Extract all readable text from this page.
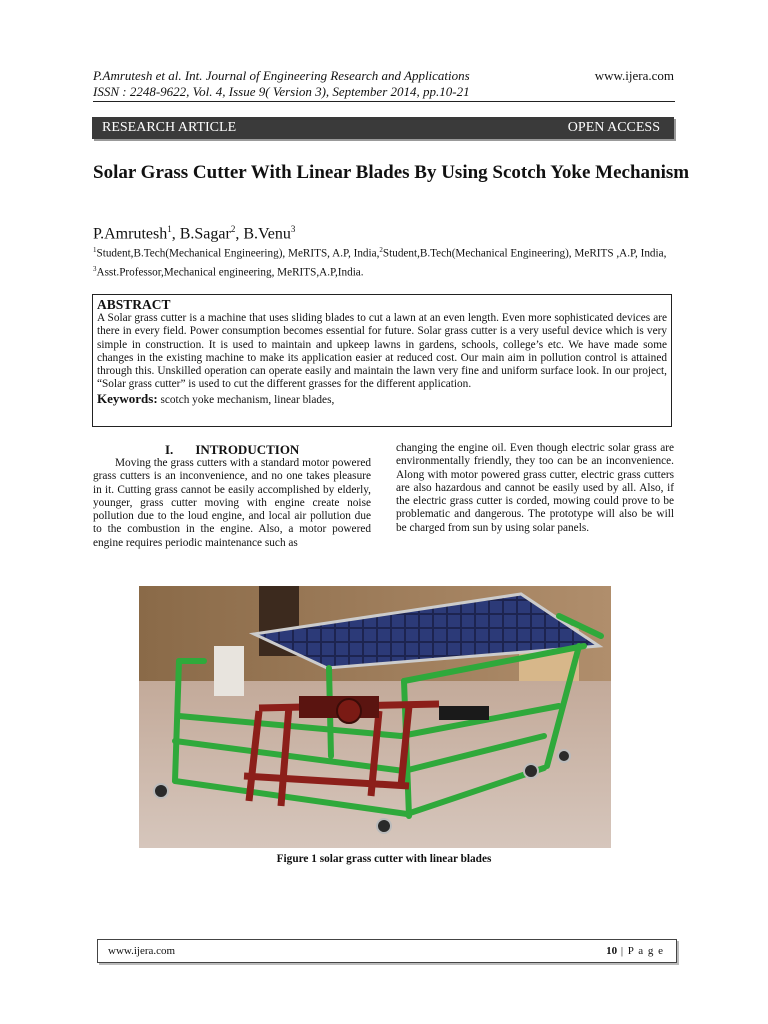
P.Amrutesh et al. Int. Journal of Engineering Research and Applications
ISSN : 2248-9622, Vol. 4, Issue 9( Version 3), September 2014, pp.10-21
www.ijera.com
RESEARCH ARTICLE	OPEN ACCESS
Solar Grass Cutter With Linear Blades By Using Scotch Yoke Mechanism
P.Amrutesh$^1$, B.Sagar$^2$, B.Venu$^3$
$^1$Student,B.Tech(Mechanical Engineering), MeRITS, A.P, India,$^2$Student,B.Tech(Mechanical Engineering), MeRITS ,A.P, India, $^3$Asst.Professor,Mechanical engineering, MeRITS,A.P,India.
ABSTRACT
A Solar grass cutter is a machine that uses sliding blades to cut a lawn at an even length. Even more sophisticated devices are there in every field. Power consumption becomes essential for future. Solar grass cutter is a very useful device which is very simple in construction. It is used to maintain and upkeep lawns in gardens, schools, college’s etc. We have made some changes in the existing machine to make its application easier at reduced cost. Our main aim in pollution control is attained through this. Unskilled operation can operate easily and maintain the lawn very fine and uniform surface look. In our project, “Solar grass cutter” is used to cut the different grasses for the different application.
Keywords: scotch yoke mechanism, linear blades,
I. INTRODUCTION
Moving the grass cutters with a standard motor powered grass cutters is an inconvenience, and no one takes pleasure in it. Cutting grass cannot be easily accomplished by elderly, younger, grass cutter moving with engine create noise pollution due to the loud engine, and local air pollution due to the combustion in the engine. Also, a motor powered engine requires periodic maintenance such as
changing the engine oil. Even though electric solar grass are environmentally friendly, they too can be an inconvenience. Along with motor powered grass cutter, electric grass cutters are also hazardous and cannot be easily used by all. Also, if the electric grass cutter is corded, mowing could prove to be problematic and dangerous. The prototype will also be will be charged from sun by using solar panels.
Figure 1 solar grass cutter with linear blades
www.ijera.com	10 | P a g e
